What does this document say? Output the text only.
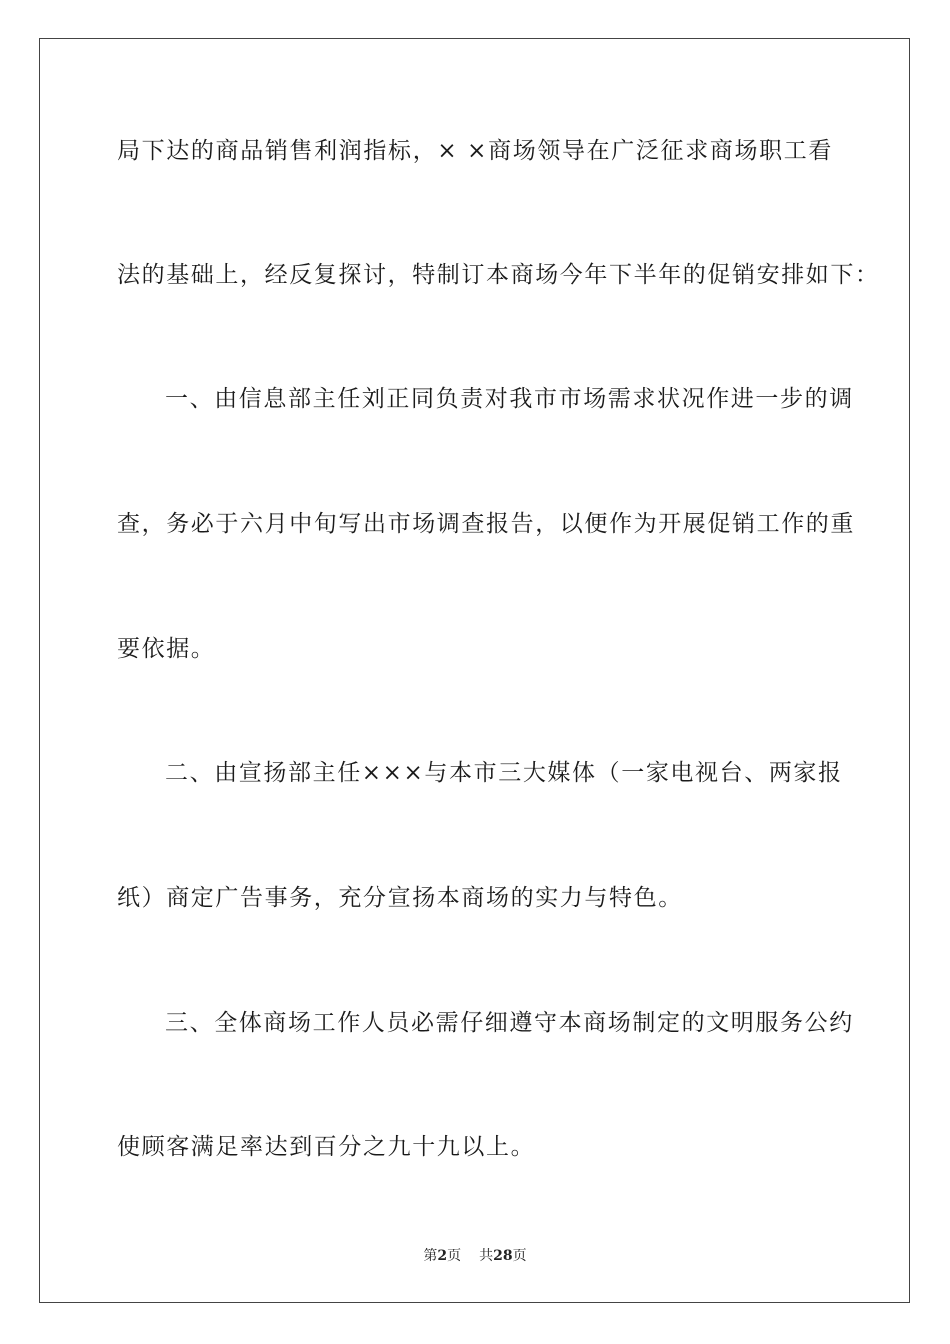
局下达的商品销售利润指标，× ×商场领导在广泛征求商场职工看
法的基础上，经反复探讨，特制订本商场今年下半年的促销安排如下：
一、由信息部主任刘正同负责对我市市场需求状况作进一步的调
查，务必于六月中旬写出市场调查报告，以便作为开展促销工作的重
要依据。
二、由宣扬部主任×××与本市三大媒体（一家电视台、两家报
纸）商定广告事务，充分宣扬本商场的实力与特色。
三、全体商场工作人员必需仔细遵守本商场制定的文明服务公约
使顾客满足率达到百分之九十九以上。
第2页 共28页
